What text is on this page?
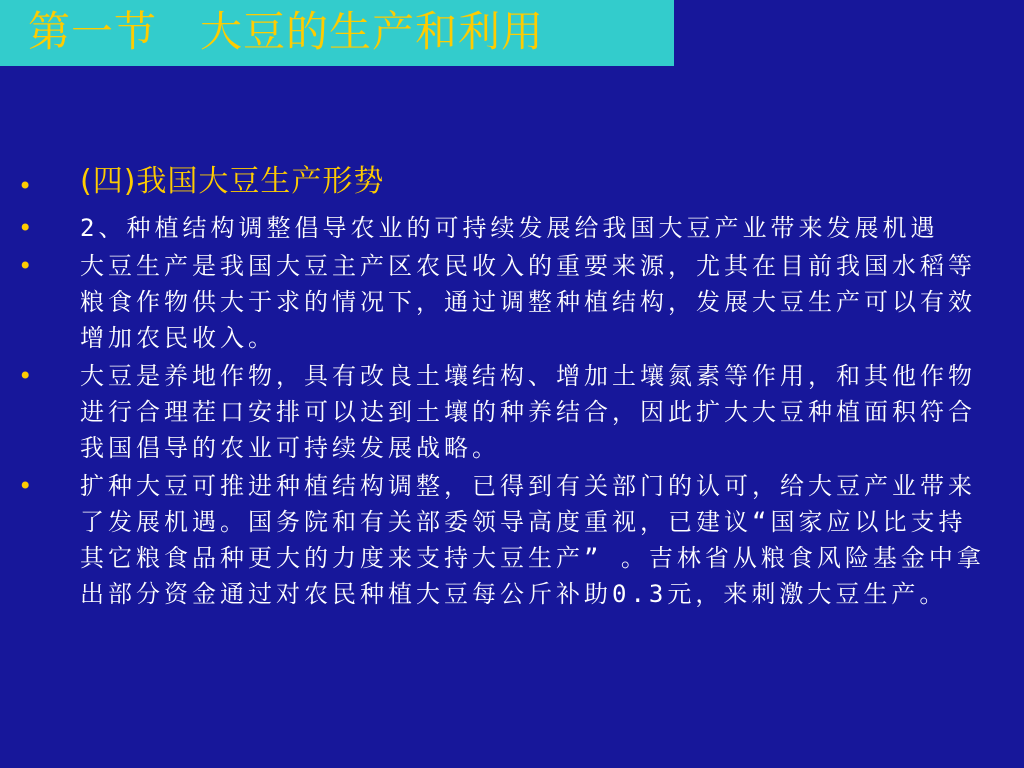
第一节　大豆的生产和利用
• (四)我国大豆生产形势
• 2、种植结构调整倡导农业的可持续发展给我国大豆产业带来发展机遇
• 大豆生产是我国大豆主产区农民收入的重要来源，尤其在目前我国水稻等粮食作物供大于求的情况下，通过调整种植结构，发展大豆生产可以有效增加农民收入。
• 大豆是养地作物，具有改良土壤结构、增加土壤氮素等作用，和其他作物进行合理茬口安排可以达到土壤的种养结合，因此扩大大豆种植面积符合我国倡导的农业可持续发展战略。
• 扩种大豆可推进种植结构调整，已得到有关部门的认可，给大豆产业带来了发展机遇。国务院和有关部委领导高度重视，已建议“国家应以比支持其它粮食品种更大的力度来支持大豆生产” 。吉林省从粮食风险基金中拿出部分资金通过对农民种植大豆每公斤补助0.3元，来刺激大豆生产。
